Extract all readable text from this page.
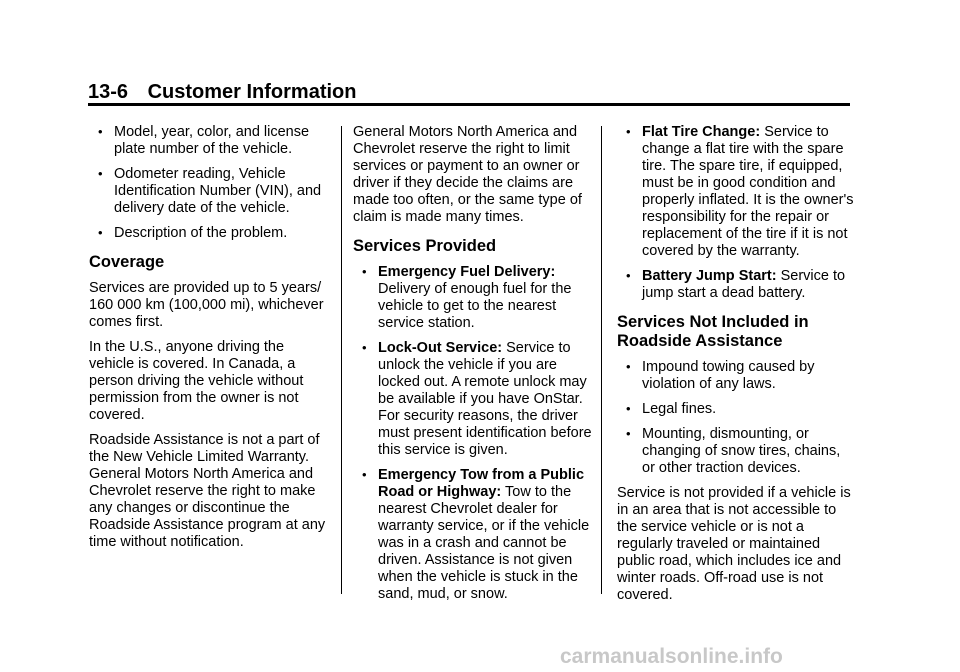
13-6 Customer Information
• Model, year, color, and license plate number of the vehicle.
• Odometer reading, Vehicle Identification Number (VIN), and delivery date of the vehicle.
• Description of the problem.
Coverage

Services are provided up to 5 years/ 160 000 km (100,000 mi), whichever comes first.

In the U.S., anyone driving the vehicle is covered. In Canada, a person driving the vehicle without permission from the owner is not covered.

Roadside Assistance is not a part of the New Vehicle Limited Warranty. General Motors North America and Chevrolet reserve the right to make any changes or discontinue the Roadside Assistance program at any time without notification.

General Motors North America and Chevrolet reserve the right to limit services or payment to an owner or driver if they decide the claims are made too often, or the same type of claim is made many times.

Services Provided
• Emergency Fuel Delivery: Delivery of enough fuel for the vehicle to get to the nearest service station.
• Lock-Out Service: Service to unlock the vehicle if you are locked out. A remote unlock may be available if you have OnStar. For security reasons, the driver must present identification before this service is given.
• Emergency Tow from a Public Road or Highway: Tow to the nearest Chevrolet dealer for warranty service, or if the vehicle was in a crash and cannot be driven. Assistance is not given when the vehicle is stuck in the sand, mud, or snow.
• Flat Tire Change: Service to change a flat tire with the spare tire. The spare tire, if equipped, must be in good condition and properly inflated. It is the owner's responsibility for the repair or replacement of the tire if it is not covered by the warranty.
• Battery Jump Start: Service to jump start a dead battery.
Services Not Included in Roadside Assistance
• Impound towing caused by violation of any laws.
• Legal fines.
• Mounting, dismounting, or changing of snow tires, chains, or other traction devices.

Service is not provided if a vehicle is in an area that is not accessible to the service vehicle or is not a regularly traveled or maintained public road, which includes ice and winter roads. Off-road use is not covered.

carmanualsonline.info
